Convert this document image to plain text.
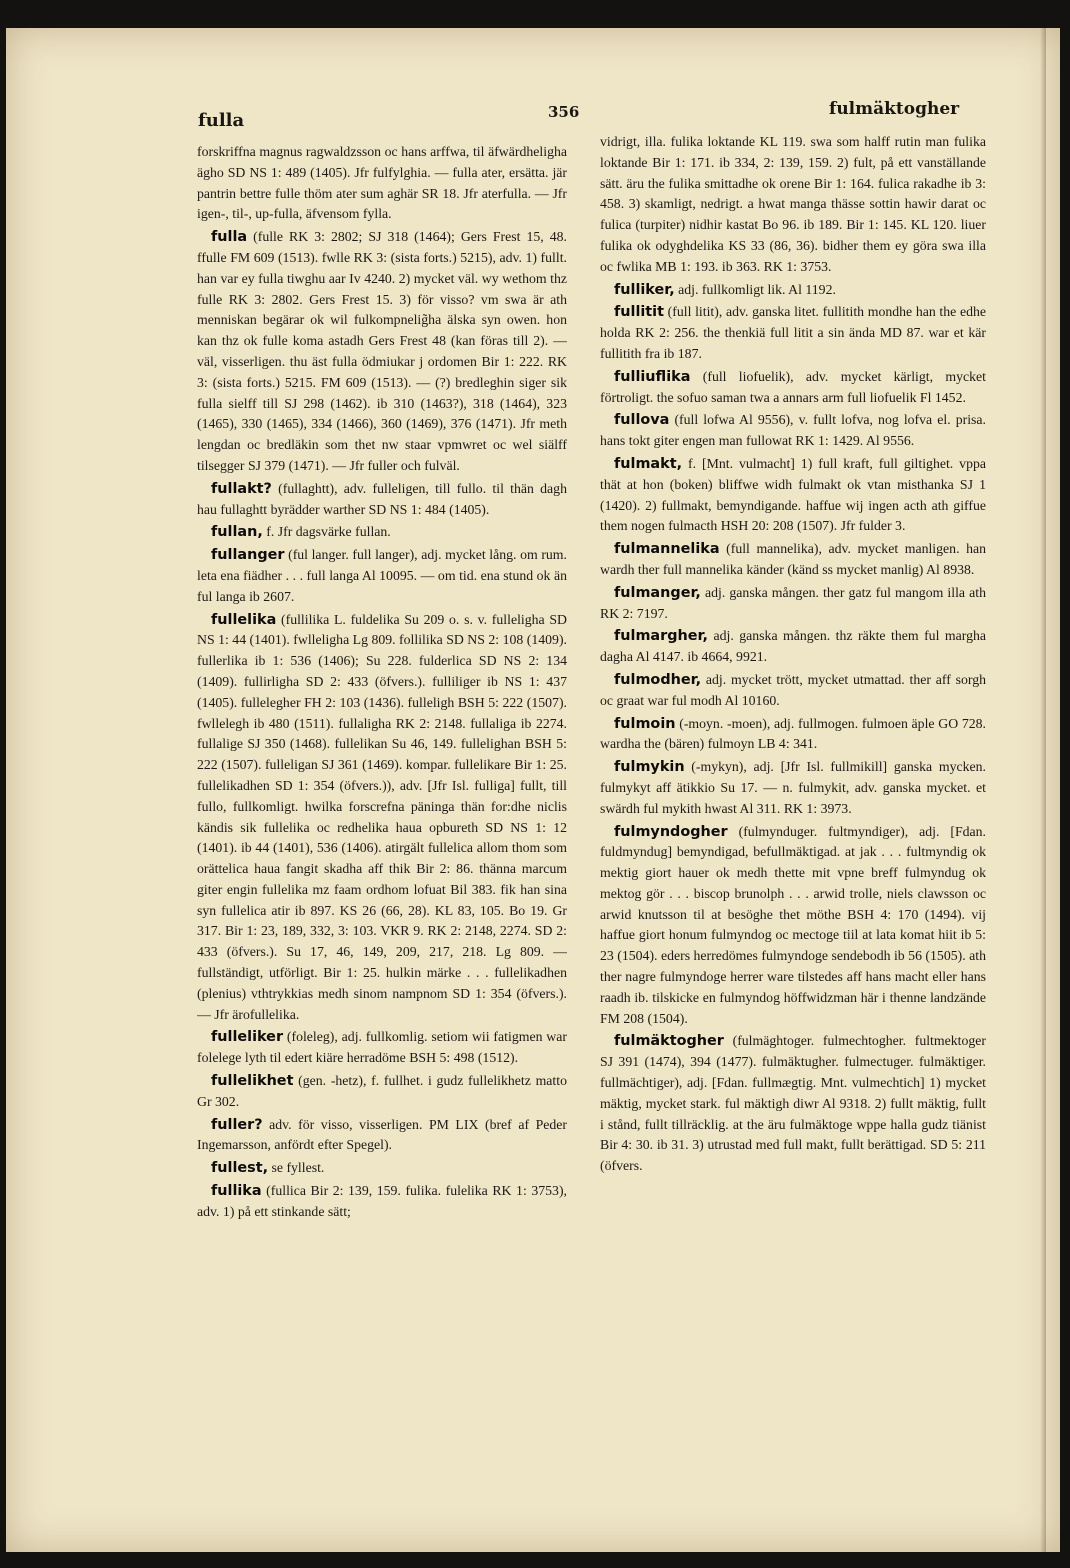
fulla	356	fulmäktogher

forskriffna magnus ragwaldzsson oc hans arffwa, til äfwärdheligha ägho SD NS 1: 489 (1405). Jfr fulfylghia. — fulla ater, ersätta. jär pantrin bettre fulle thöm ater sum aghär SR 18. Jfr aterfulla. — Jfr igen-, til-, up-fulla, äfvensom fylla.

fulla (fulle RK 3: 2802; SJ 318 (1464); Gers Frest 15, 48. ffulle FM 609 (1513). fwlle RK 3: (sista forts.) 5215), adv. 1) fullt. han var ey fulla tiwghu aar Iv 4240. 2) mycket väl. wy wethom thz fulle RK 3: 2802. Gers Frest 15. 3) för visso? vm swa är ath menniskan begärar ok wil fulkompnelig̃ha älska syn owen. hon kan thz ok fulle koma astadh Gers Frest 48 (kan föras till 2). — väl, visserligen. thu äst fulla ödmiukar j ordomen Bir 1: 222. RK 3: (sista forts.) 5215. FM 609 (1513). — (?) bredleghin siger sik fulla sielff till SJ 298 (1462). ib 310 (1463?), 318 (1464), 323 (1465), 330 (1465), 334 (1466), 360 (1469), 376 (1471). Jfr meth lengdan oc bredläkin som thet nw staar vpmwret oc wel siälff tilsegger SJ 379 (1471). — Jfr fuller och fulväl.

fullakt? (fullaghtt), adv. fulleligen, till fullo. til thän dagh hau fullaghtt byrädder warther SD NS 1: 484 (1405).

fullan, f. Jfr dagsvärke fullan.

fullanger (ful langer. full langer), adj. mycket lång. om rum. leta ena fiädher . . . full langa Al 10095. — om tid. ena stund ok än ful langa ib 2607.

fullelika (fullilika L. fuldelika Su 209 o. s. v. fulleligha SD NS 1: 44 (1401). fwlleligha Lg 809. follilika SD NS 2: 108 (1409). fullerlika ib 1: 536 (1406); Su 228. fulderlica SD NS 2: 134 (1409). fullirligha SD 2: 433 (öfvers.). fulliliger ib NS 1: 437 (1405). fullelegher FH 2: 103 (1436). fulleligh BSH 5: 222 (1507). fwllelegh ib 480 (1511). fullaligha RK 2: 2148. fullaliga ib 2274. fullalige SJ 350 (1468). fullelikan Su 46, 149. fullelighan BSH 5: 222 (1507). fulleligan SJ 361 (1469). kompar. fullelikare Bir 1: 25. fullelikadhen SD 1: 354 (öfvers.)), adv. [Jfr Isl. fulliga] fullt, till fullo, fullkomligt. hwilka forscrefna päninga thän for:dhe niclis kändis sik fullelika oc redhelika haua opbureth SD NS 1: 12 (1401). ib 44 (1401), 536 (1406). atirgält fullelica allom thom som orättelica haua fangit skadha aff thik Bir 2: 86. thänna marcum giter engin fullelika mz faam ordhom lofuat Bil 383. fik han sina syn fullelica atir ib 897. KS 26 (66, 28). KL 83, 105. Bo 19. Gr 317. Bir 1: 23, 189, 332, 3: 103. VKR 9. RK 2: 2148, 2274. SD 2: 433 (öfvers.). Su 17, 46, 149, 209, 217, 218. Lg 809. — fullständigt, utförligt. Bir 1: 25. hulkin märke . . . fullelikadhen (plenius) vthtrykkias medh sinom nampnom SD 1: 354 (öfvers.). — Jfr ärofullelika.

fulleliker (foleleg), adj. fullkomlig. setiom wii fatigmen war folelege lyth til edert kiäre herradöme BSH 5: 498 (1512).

fullelikhet (gen. -hetz), f. fullhet. i gudz fullelikhetz matto Gr 302.

fuller? adv. för visso, visserligen. PM LIX (bref af Peder Ingemarsson, anfördt efter Spegel).

fullest, se fyllest.

fullika (fullica Bir 2: 139, 159. fulika. fulelika RK 1: 3753), adv. 1) på ett stinkande sätt;

vidrigt, illa. fulika loktande KL 119. swa som halff rutin man fulika loktande Bir 1: 171. ib 334, 2: 139, 159. 2) fult, på ett vanställande sätt. äru the fulika smittadhe ok orene Bir 1: 164. fulica rakadhe ib 3: 458. 3) skamligt, nedrigt. a hwat manga thässe sottin hawir darat oc fulica (turpiter) nidhir kastat Bo 96. ib 189. Bir 1: 145. KL 120. liuer fulika ok odyghdelika KS 33 (86, 36). bidher them ey göra swa illa oc fwlika MB 1: 193. ib 363. RK 1: 3753.

fulliker, adj. fullkomligt lik. Al 1192.

fullitit (full litit), adv. ganska litet. fullitith mondhe han the edhe holda RK 2: 256. the thenkiä full litit a sin ända MD 87. war et kär fullitith fra ib 187.

fulliuflika (full liofuelik), adv. mycket kärligt, mycket förtroligt. the sofuo saman twa a annars arm full liofuelik Fl 1452.

fullova (full lofwa Al 9556), v. fullt lofva, nog lofva el. prisa. hans tokt giter engen man fullowat RK 1: 1429. Al 9556.

fulmakt, f. [Mnt. vulmacht] 1) full kraft, full giltighet. vppa thät at hon (boken) bliffwe widh fulmakt ok vtan misthanka SJ 1 (1420). 2) fullmakt, bemyndigande. haffue wij ingen acth ath giffue them nogen fulmacth HSH 20: 208 (1507). Jfr fulder 3.

fulmannelika (full mannelika), adv. mycket manligen. han wardh ther full mannelika känder (känd ss mycket manlig) Al 8938.

fulmanger, adj. ganska mången. ther gatz ful mangom illa ath RK 2: 7197.

fulmargher, adj. ganska mången. thz räkte them ful margha dagha Al 4147. ib 4664, 9921.

fulmodher, adj. mycket trött, mycket utmattad. ther aff sorgh oc graat war ful modh Al 10160.

fulmoin (-moyn. -moen), adj. fullmogen. fulmoen äple GO 728. wardha the (bären) fulmoyn LB 4: 341.

fulmykin (-mykyn), adj. [Jfr Isl. fullmikill] ganska mycken. fulmykyt aff ätikkio Su 17. — n. fulmykit, adv. ganska mycket. et swärdh ful mykith hwast Al 311. RK 1: 3973.

fulmyndogher (fulmynduger. fultmyndiger), adj. [Fdan. fuldmyndug] bemyndigad, befullmäktigad. at jak . . . fultmyndig ok mektig giort hauer ok medh thette mit vpne breff fulmyndug ok mektog gör . . . biscop brunolph . . . arwid trolle, niels clawsson oc arwid knutsson til at besöghe thet möthe BSH 4: 170 (1494). vij haffue giort honum fulmyndog oc mectoge tiil at lata komat hiit ib 5: 23 (1504). eders herredömes fulmyndoge sendebodh ib 56 (1505). ath ther nagre fulmyndoge herrer ware tilstedes aff hans macht eller hans raadh ib. tilskicke en fulmyndog höffwidzman här i thenne landzände FM 208 (1504).

fulmäktogher (fulmäghtoger. fulmechtogher. fultmektoger SJ 391 (1474), 394 (1477). fulmäktugher. fulmectuger. fulmäktiger. fullmächtiger), adj. [Fdan. fullmægtig. Mnt. vulmechtich] 1) mycket mäktig, mycket stark. ful mäktigh diwr Al 9318. 2) fullt mäktig, fullt i stånd, fullt tillräcklig. at the äru fulmäktoge wppe halla gudz tiänist Bir 4: 30. ib 31. 3) utrustad med full makt, fullt berättigad. SD 5: 211 (öfvers.
